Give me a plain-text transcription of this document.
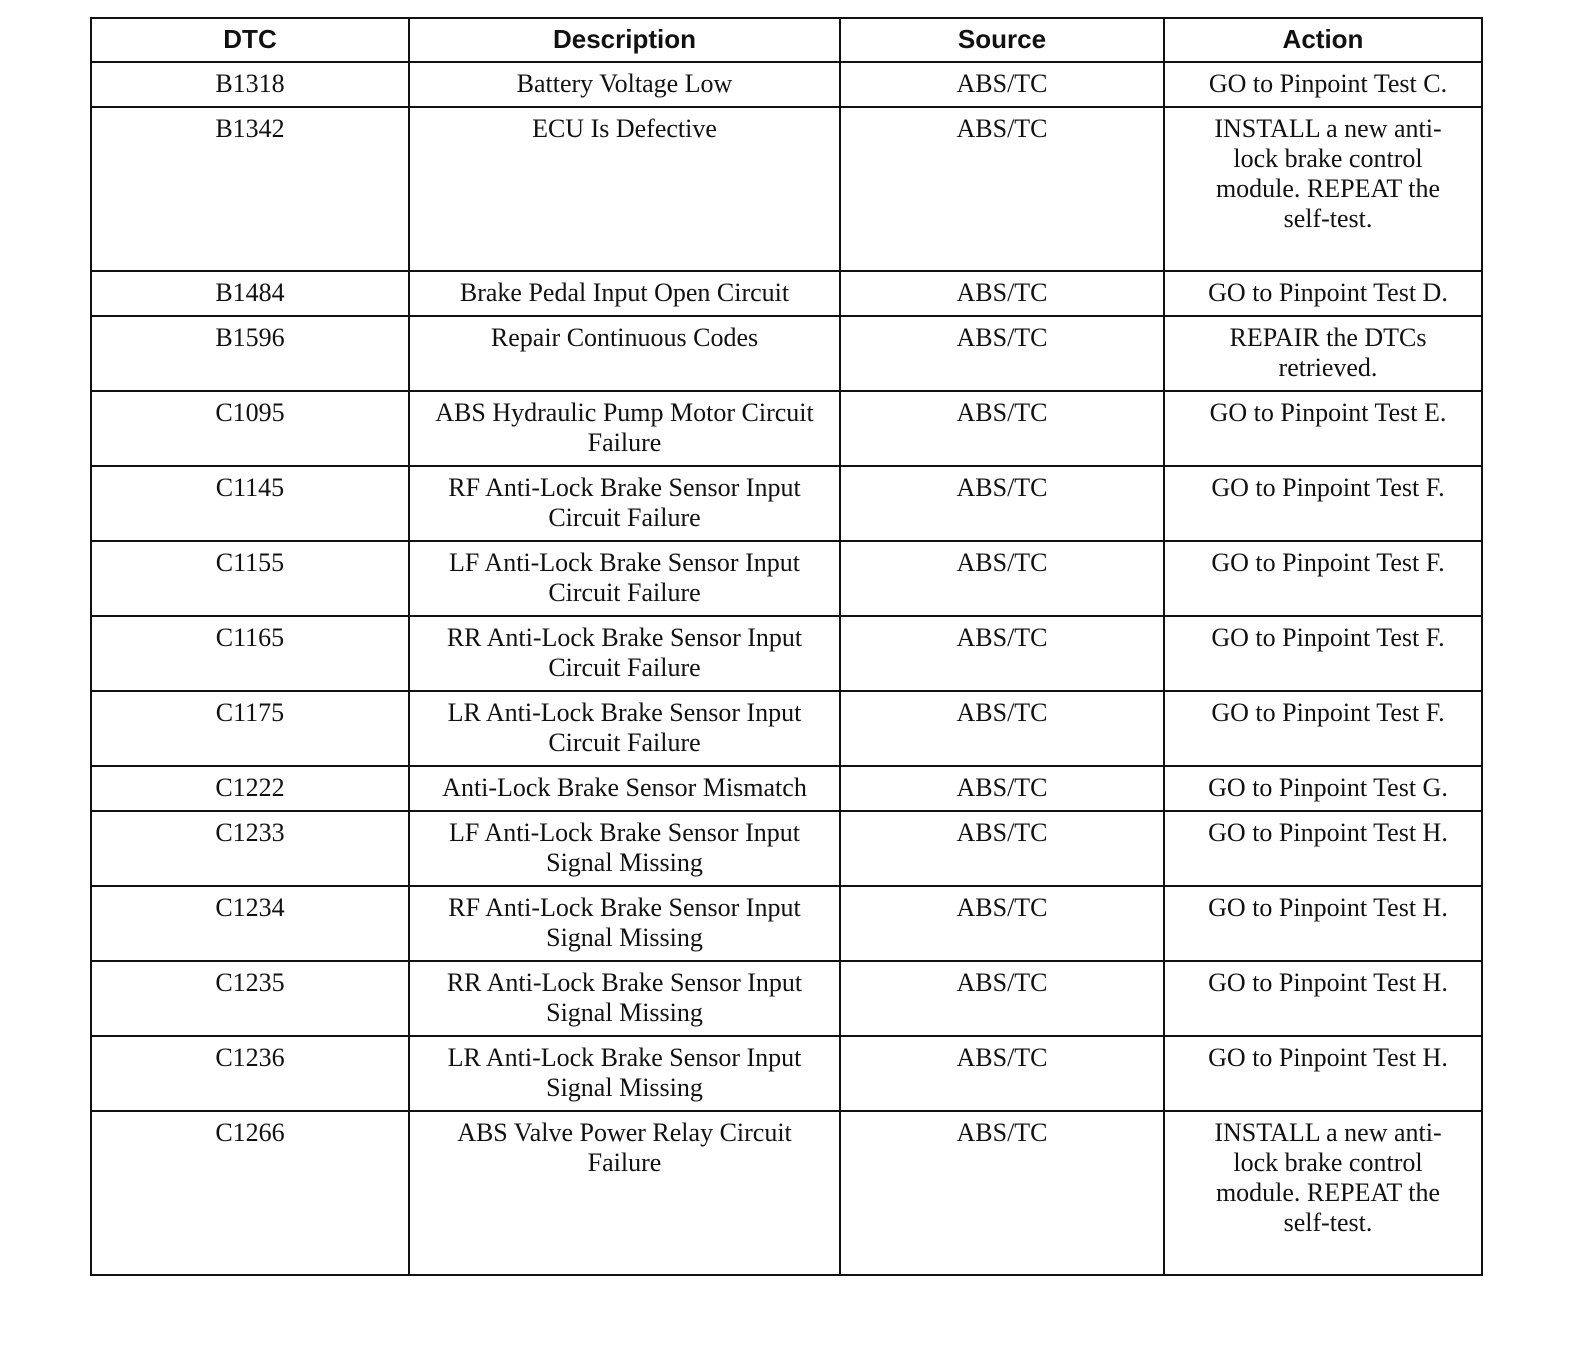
DTC	Description	Source	Action
B1318	Battery Voltage Low	ABS/TC	GO to Pinpoint Test C.
B1342	ECU Is Defective	ABS/TC	INSTALL a new anti-lock brake control module. REPEAT the self-test.
B1484	Brake Pedal Input Open Circuit	ABS/TC	GO to Pinpoint Test D.
B1596	Repair Continuous Codes	ABS/TC	REPAIR the DTCs retrieved.
C1095	ABS Hydraulic Pump Motor Circuit Failure	ABS/TC	GO to Pinpoint Test E.
C1145	RF Anti-Lock Brake Sensor Input Circuit Failure	ABS/TC	GO to Pinpoint Test F.
C1155	LF Anti-Lock Brake Sensor Input Circuit Failure	ABS/TC	GO to Pinpoint Test F.
C1165	RR Anti-Lock Brake Sensor Input Circuit Failure	ABS/TC	GO to Pinpoint Test F.
C1175	LR Anti-Lock Brake Sensor Input Circuit Failure	ABS/TC	GO to Pinpoint Test F.
C1222	Anti-Lock Brake Sensor Mismatch	ABS/TC	GO to Pinpoint Test G.
C1233	LF Anti-Lock Brake Sensor Input Signal Missing	ABS/TC	GO to Pinpoint Test H.
C1234	RF Anti-Lock Brake Sensor Input Signal Missing	ABS/TC	GO to Pinpoint Test H.
C1235	RR Anti-Lock Brake Sensor Input Signal Missing	ABS/TC	GO to Pinpoint Test H.
C1236	LR Anti-Lock Brake Sensor Input Signal Missing	ABS/TC	GO to Pinpoint Test H.
C1266	ABS Valve Power Relay Circuit Failure	ABS/TC	INSTALL a new anti-lock brake control module. REPEAT the self-test.
